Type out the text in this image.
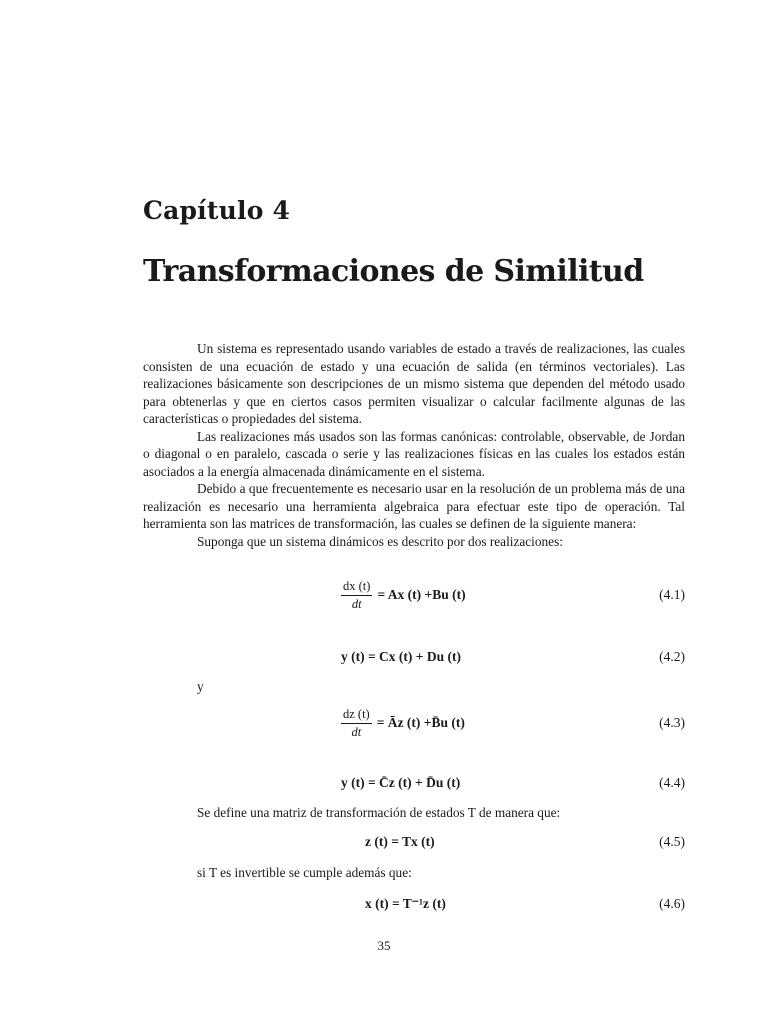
Capítulo 4
Transformaciones de Similitud

Un sistema es representado usando variables de estado a través de realizaciones, las cuales consisten de una ecuación de estado y una ecuación de salida (en términos vectoriales). Las realizaciones básicamente son descripciones de un mismo sistema que dependen del método usado para obtenerlas y que en ciertos casos permiten visualizar o calcular facilmente algunas de las características o propiedades del sistema.

Las realizaciones más usados son las formas canónicas: controlable, observable, de Jordan o diagonal o en paralelo, cascada o serie y las realizaciones físicas en las cuales los estados están asociados a la energía almacenada dinámicamente en el sistema.

Debido a que frecuentemente es necesario usar en la resolución de un problema más de una realización es necesario una herramienta algebraica para efectuar este tipo de operación. Tal herramienta son las matrices de transformación, las cuales se definen de la siguiente manera:

Suponga que un sistema dinámicos es descrito por dos realizaciones:

$\frac{dx (t)}{dt} = Ax$ (t) +Bu (t)	(4.1)
y (t) = Cx (t) + Du (t)	(4.2)
y
$\frac{dz (t)}{dt}$ = Āz (t) +B̄u (t)	(4.3)
y (t) = C̄z (t) + D̄u (t)	(4.4)
Se define una matriz de transformación de estados T de manera que:
z (t) = Tx (t)	(4.5)
si T es invertible se cumple además que:
x (t) = T⁻¹z (t)	(4.6)
35
